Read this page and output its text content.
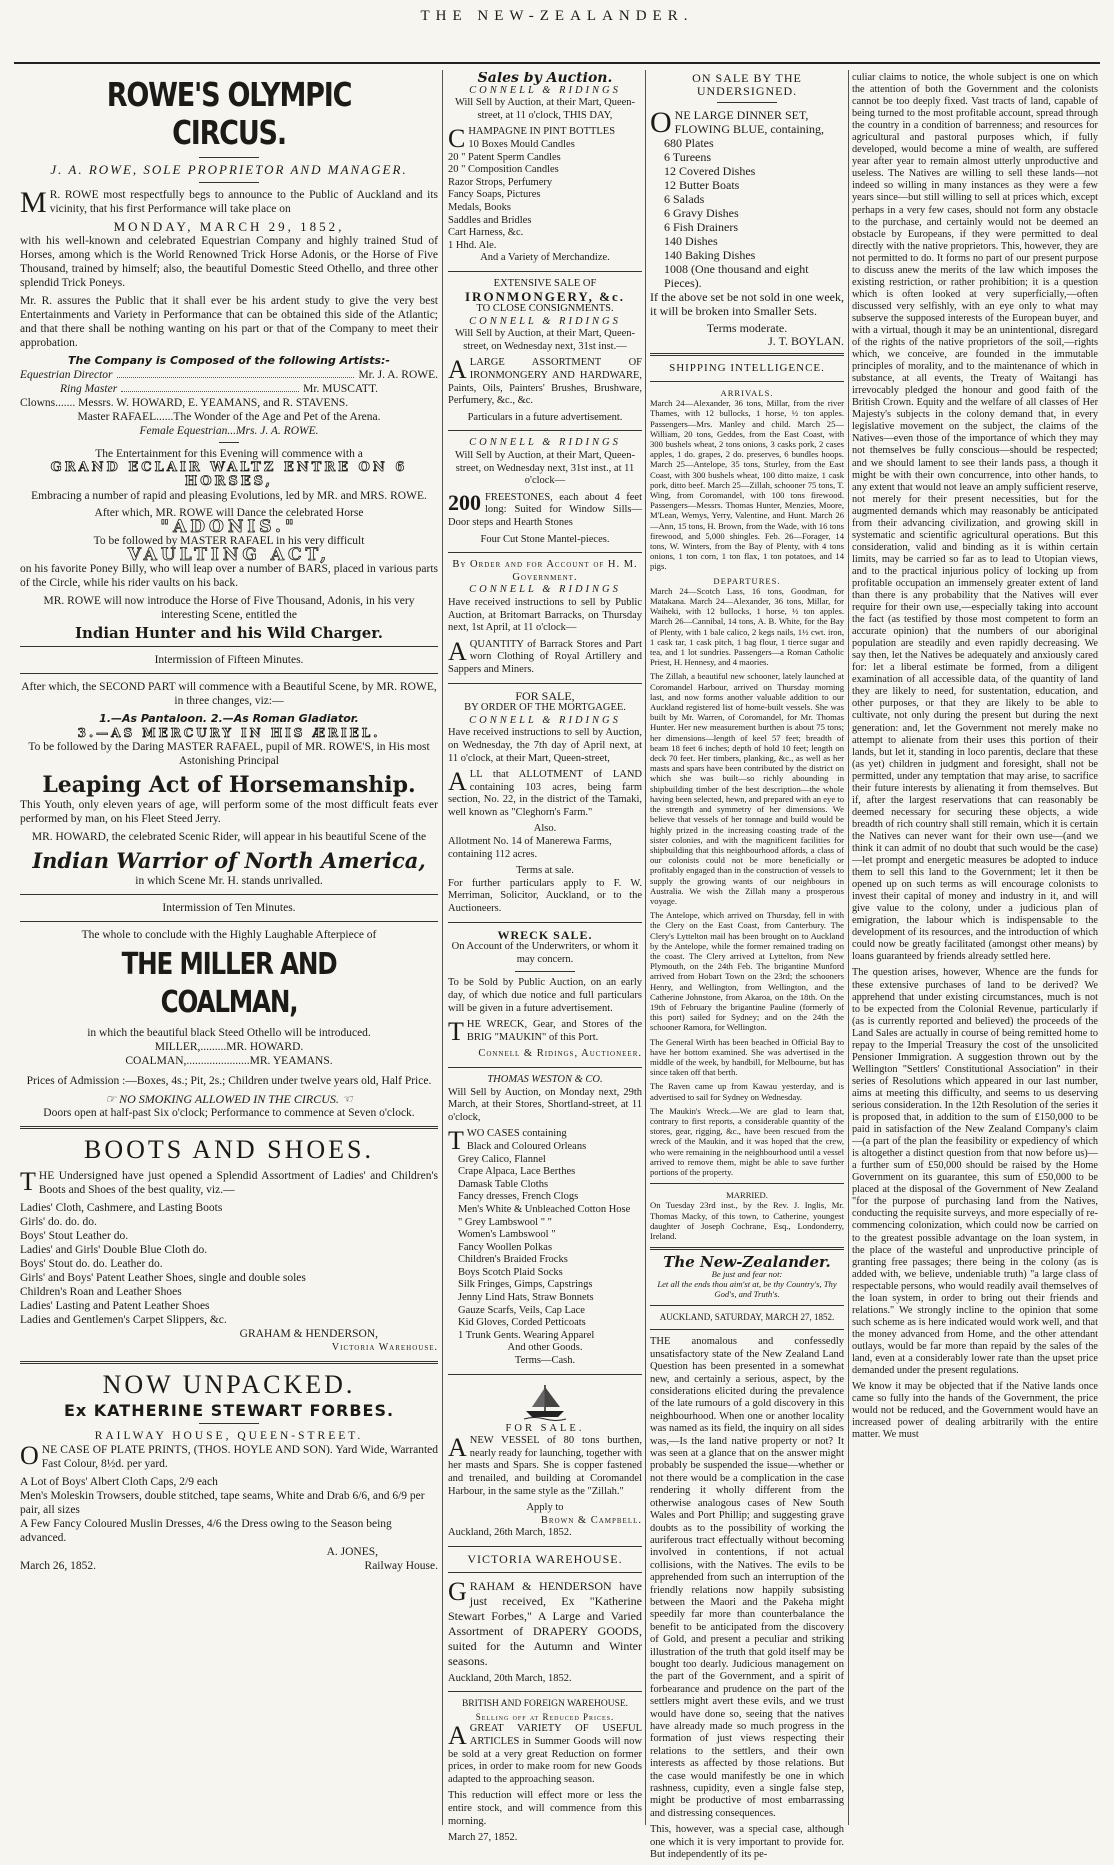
THE NEW-ZEALANDER.
ROWE'S OLYMPIC CIRCUS.
J. A. ROWE, SOLE PROPRIETOR AND MANAGER.

M R. ROWE most respectfully begs to announce to the Public of Auckland and its vicinity, that his first Performance will take place on

MONDAY, MARCH 29, 1852,

with his well-known and celebrated Equestrian Company and highly trained Stud of Horses, among which is the World Renowned Trick Horse Adonis, or the Horse of Five Thousand, trained by himself; also, the beautiful Domestic Steed Othello, and three other splendid Trick Poneys.

Mr. R. assures the Public that it shall ever be his ardent study to give the very best Entertainments and Variety in Performance that can be obtained this side of the Atlantic; and that there shall be nothing wanting on his part or that of the Company to meet their approbation.

The Company is Composed of the following Artists:-
Equestrian Director	Mr. J. A. ROWE.
Ring Master	Mr. MUSCATT.
Clowns....... Messrs. W. HOWARD, E. YEAMANS, and R. STAVENS.
Master RAFAEL......The Wonder of the Age and Pet of the Arena.
Female Equestrian...Mrs. J. A. ROWE.
The Entertainment for this Evening will commence with a
GRAND ECLAIR WALTZ ENTRE ON 6 HORSES,
Embracing a number of rapid and pleasing Evolutions, led by MR. and MRS. ROWE.
After which, MR. ROWE will Dance the celebrated Horse
"ADONIS."
To be followed by MASTER RAFAEL in his very difficult
VAULTING ACT,

on his favorite Poney Billy, who will leap over a number of BARS, placed in various parts of the Circle, while his rider vaults on his back.

MR. ROWE will now introduce the Horse of Five Thousand, Adonis, in his very interesting Scene, entitled the

Indian Hunter and his Wild Charger.
Intermission of Fifteen Minutes.

After which, the SECOND PART will commence with a Beautiful Scene, by MR. ROWE, in three changes, viz:—

1.—As Pantaloon. 2.—As Roman Gladiator.
3.—AS MERCURY IN HIS ÆRIEL.

To be followed by the Daring MASTER RAFAEL, pupil of MR. ROWE'S, in His most Astonishing Principal

Leaping Act of Horsemanship.

This Youth, only eleven years of age, will perform some of the most difficult feats ever performed by man, on his Fleet Steed Jerry.

MR. HOWARD, the celebrated Scenic Rider, will appear in his beautiful Scene of the

Indian Warrior of North America,
in which Scene Mr. H. stands unrivalled.
Intermission of Ten Minutes.
The whole to conclude with the Highly Laughable Afterpiece of
THE MILLER AND COALMAN,
in which the beautiful black Steed Othello will be introduced.
MILLER,.........MR. HOWARD.
COALMAN,......................MR. YEAMANS.

Prices of Admission :—Boxes, 4s.; Pit, 2s.; Children under twelve years old, Half Price.

☞ NO SMOKING ALLOWED IN THE CIRCUS. ☜

Doors open at half-past Six o'clock; Performance to commence at Seven o'clock.

BOOTS AND SHOES.

THE Undersigned have just opened a Splendid Assortment of Ladies' and Children's Boots and Shoes of the best quality, viz.—

Ladies' Cloth, Cashmere, and Lasting Boots
Girls' do. do. do.
Boys' Stout Leather do.
Ladies' and Girls' Double Blue Cloth do.
Boys' Stout do. do. Leather do.
Girls' and Boys' Patent Leather Shoes, single and double soles
Children's Roan and Leather Shoes
Ladies' Lasting and Patent Leather Shoes
Ladies and Gentlemen's Carpet Slippers, &c.
GRAHAM & HENDERSON,
Victoria Warehouse.
NOW UNPACKED.
Ex KATHERINE STEWART FORBES.
RAILWAY HOUSE, QUEEN-STREET.

ONE CASE OF PLATE PRINTS, (THOS. HOYLE AND SON). Yard Wide, Warranted Fast Colour, 8½d. per yard.

A Lot of Boys' Albert Cloth Caps, 2/9 each
Men's Moleskin Trowsers, double stitched, tape seams, White and Drab 6/6, and 6/9 per pair, all sizes
A Few Fancy Coloured Muslin Dresses, 4/6 the Dress owing to the Season being advanced.
A. JONES,
March 26, 1852.	Railway House.
Sales by Auction.
CONNELL & RIDINGS

Will Sell by Auction, at their Mart, Queen-street, at 11 o'clock, THIS DAY,

CHAMPAGNE IN PINT BOTTLES
10 Boxes Mould Candles
20 " Patent Sperm Candles
20 " Composition Candles
Razor Strops, Perfumery
Fancy Soaps, Pictures
Medals, Books
Saddles and Bridles
Cart Harness, &c.
1 Hhd. Ale.
And a Variety of Merchandize.
EXTENSIVE SALE OF
IRONMONGERY, &c.
TO CLOSE CONSIGNMENTS.
CONNELL & RIDINGS

Will Sell by Auction, at their Mart, Queen-street, on Wednesday next, 31st inst.—

ALARGE ASSORTMENT OF IRONMONGERY AND HARDWARE, Paints, Oils, Painters' Brushes, Brushware, Perfumery, &c., &c.

Particulars in a future advertisement.
CONNELL & RIDINGS

Will Sell by Auction, at their Mart, Queen-street, on Wednesday next, 31st inst., at 11 o'clock—

200 FREESTONES, each about 4 feet long: Suited for Window Sills—Door steps and Hearth Stones

Four Cut Stone Mantel-pieces.
By Order and for Account of H. M. Government.
CONNELL & RIDINGS

Have received instructions to sell by Public Auction, at Britomart Barracks, on Thursday next, 1st April, at 11 o'clock—

AQUANTITY of Barrack Stores and Part worn Clothing of Royal Artillery and Sappers and Miners.

FOR SALE,
BY ORDER OF THE MORTGAGEE.
CONNELL & RIDINGS

Have received instructions to sell by Auction, on Wednesday, the 7th day of April next, at 11 o'clock, at their Mart, Queen-street,

ALL that ALLOTMENT of LAND containing 103 acres, being farm section, No. 22, in the district of the Tamaki, well known as "Cleghorn's Farm."

Also.

Allotment No. 14 of Manerewa Farms, containing 112 acres.

Terms at sale.

For further particulars apply to F. W. Merriman, Solicitor, Auckland, or to the Auctioneers.

WRECK SALE.
On Account of the Underwriters, or whom it may concern.

To be Sold by Public Auction, on an early day, of which due notice and full particulars will be given in a future advertisement.

THE WRECK, Gear, and Stores of the BRIG "MAUKIN" of this Port.

Connell & Ridings, Auctioneer.
THOMAS WESTON & CO.

Will Sell by Auction, on Monday next, 29th March, at their Stores, Shortland-street, at 11 o'clock,

TWO CASES containing
Black and Coloured Orleans
Grey Calico, Flannel
Crape Alpaca, Lace Berthes
Damask Table Cloths
Fancy dresses, French Clogs
Men's White & Unbleached Cotton Hose
" Grey Lambswool " "
Women's Lambswool "
Fancy Woollen Polkas
Children's Braided Frocks
Boys Scotch Plaid Socks
Silk Fringes, Gimps, Capstrings
Jenny Lind Hats, Straw Bonnets
Gauze Scarfs, Veils, Cap Lace
Kid Gloves, Corded Petticoats
1 Trunk Gents. Wearing Apparel
And other Goods.
Terms—Cash.
FOR SALE.

ANEW VESSEL of 80 tons burthen, nearly ready for launching, together with her masts and Spars. She is copper fastened and trenailed, and building at Coromandel Harbour, in the same style as the "Zillah."

Apply to
Brown & Campbell.
Auckland, 26th March, 1852.
VICTORIA WAREHOUSE.

GRAHAM & HENDERSON have just received, Ex "Katherine Stewart Forbes," A Large and Varied Assortment of DRAPERY GOODS, suited for the Autumn and Winter seasons.

Auckland, 20th March, 1852.
BRITISH AND FOREIGN WAREHOUSE.
Selling off at Reduced Prices.

AGREAT VARIETY OF USEFUL ARTICLES in Summer Goods will now be sold at a very great Reduction on former prices, in order to make room for new Goods adapted to the approaching season.

This reduction will effect more or less the entire stock, and will commence from this morning.

March 27, 1852.
ON SALE BY THE UNDERSIGNED.
ONE LARGE DINNER SET, FLOWING BLUE, containing,
680 Plates
6 Tureens
12 Covered Dishes
12 Butter Boats
6 Salads
6 Gravy Dishes
6 Fish Drainers
140 Dishes
140 Baking Dishes
1008 (One thousand and eight Pieces).

If the above set be not sold in one week, it will be broken into Smaller Sets.

Terms moderate.
J. T. BOYLAN.
SHIPPING INTELLIGENCE.
ARRIVALS.

March 24—Alexander, 36 tons, Millar, from the river Thames, with 12 bullocks, 1 horse, ½ ton apples. Passengers—Mrs. Manley and child. March 25—William, 20 tons, Geddes, from the East Coast, with 300 bushels wheat, 2 tons onions, 3 casks pork, 2 cases apples, 1 do. grapes, 2 do. preserves, 6 bundles hoops. March 25—Antelope, 35 tons, Sturley, from the East Coast, with 300 bushels wheat, 100 ditto maize, 1 cask pork, ditto beef. March 25—Zillah, schooner 75 tons, T. Wing, from Coromandel, with 100 tons firewood. Passengers—Messrs. Thomas Hunter, Menzies, Moore, M'Lean, Wemys, Yerry, Valentine, and Hunt. March 26—Ann, 15 tons, H. Brown, from the Wade, with 16 tons firewood, and 5,000 shingles. Feb. 26—Forager, 14 tons, W. Winters, from the Bay of Plenty, with 4 tons onions, 1 ton corn, 1 ton flax, 1 ton potatoes, and 14 pigs.

DEPARTURES.

March 24—Scotch Lass, 16 tons, Goodman, for Matakana. March 24—Alexander, 36 tons, Millar, for Waiheki, with 12 bullocks, 1 horse, ½ ton apples. March 26—Cannibal, 14 tons, A. B. White, for the Bay of Plenty, with 1 bale calico, 2 kegs nails, 1½ cwt. iron, 1 cask tar, 1 cask pitch, 1 bag flour, 1 tierce sugar and tea, and 1 lot sundries. Passengers—a Roman Catholic Priest, H. Hennesy, and 4 maories.

The Zillah, a beautiful new schooner, lately launched at Coromandel Harbour, arrived on Thursday morning last, and now forms another valuable addition to our Auckland registered list of home-built vessels. She was built by Mr. Warren, of Coromandel, for Mr. Thomas Hunter. Her new measurement burthen is about 75 tons; her dimensions—length of keel 57 feet; breadth of beam 18 feet 6 inches; depth of hold 10 feet; length on deck 70 feet. Her timbers, planking, &c., as well as her masts and spars have been contributed by the district on which she was built—so richly abounding in shipbuilding timber of the best description—the whole having been selected, hewn, and prepared with an eye to the strength and symmetry of her dimensions. We believe that vessels of her tonnage and build would be highly prized in the increasing coasting trade of the sister colonies, and with the magnificent facilities for shipbuilding that this neighbourhood affords, a class of our colonists could not be more beneficially or profitably engaged than in the construction of vessels to supply the growing wants of our neighbours in Australia. We wish the Zillah many a prosperous voyage.

The Antelope, which arrived on Thursday, fell in with the Clery on the East Coast, from Canterbury. The Clery's Lyttelton mail has been brought on to Auckland by the Antelope, while the former remained trading on the coast. The Clery arrived at Lyttelton, from New Plymouth, on the 24th Feb. The brigantine Munford arrived from Hobart Town on the 23rd; the schooners Henry, and Wellington, from Wellington, and the Catherine Johnstone, from Akaroa, on the 18th. On the 19th of February the brigantine Pauline (formerly of this port) sailed for Sydney; and on the 24th the schooner Ramora, for Wellington.

The General Wirth has been beached in Official Bay to have her bottom examined. She was advertised in the middle of the week, by handbill, for Melbourne, but has since taken off that berth.

The Raven came up from Kawau yesterday, and is advertised to sail for Sydney on Wednesday.

The Maukin's Wreck.—We are glad to learn that, contrary to first reports, a considerable quantity of the stores, gear, rigging, &c., have been rescued from the wreck of the Maukin, and it was hoped that the crew, who were remaining in the neighbourhood until a vessel arrived to remove them, might be able to save further portions of the property.

MARRIED.

On Tuesday 23rd inst., by the Rev. J. Inglis, Mr. Thomas Macky, of this town, to Catherine, youngest daughter of Joseph Cochrane, Esq., Londonderry, Ireland.

The New-Zealander.
Be just and fear not:
Let all the ends thou aim'st at, be thy Country's, Thy God's, and Truth's.
AUCKLAND, SATURDAY, MARCH 27, 1852.

THE anomalous and confessedly unsatisfactory state of the New Zealand Land Question has been presented in a somewhat new, and certainly a serious, aspect, by the considerations elicited during the prevalence of the late rumours of a gold discovery in this neighbourhood. When one or another locality was named as its field, the inquiry on all sides was,—Is the land native property or not? It was seen at a glance that on the answer might probably be suspended the issue—whether or not there would be a complication in the case rendering it wholly different from the otherwise analogous cases of New South Wales and Port Phillip; and suggesting grave doubts as to the possibility of working the auriferous tract effectually without becoming involved in contentions, if not actual collisions, with the Natives. The evils to be apprehended from such an interruption of the friendly relations now happily subsisting between the Maori and the Pakeha might speedily far more than counterbalance the benefit to be anticipated from the discovery of Gold, and present a peculiar and striking illustration of the truth that gold itself may be bought too dearly. Judicious management on the part of the Government, and a spirit of forbearance and prudence on the part of the settlers might avert these evils, and we trust would have done so, seeing that the natives have already made so much progress in the formation of just views respecting their relations to the settlers, and their own interests as affected by those relations. But the case would manifestly be one in which rashness, cupidity, even a single false step, might be productive of most embarrassing and distressing consequences.

This, however, was a special case, although one which it is very important to provide for. But independently of its pe-

culiar claims to notice, the whole subject is one on which the attention of both the Government and the colonists cannot be too deeply fixed. Vast tracts of land, capable of being turned to the most profitable account, spread through the country in a condition of barrenness; and resources for agricultural and pastoral purposes which, if fully developed, would become a mine of wealth, are suffered year after year to remain almost utterly unproductive and useless. The Natives are willing to sell these lands—not indeed so willing in many instances as they were a few years since—but still willing to sell at prices which, except perhaps in a very few cases, should not form any obstacle to the purchase, and certainly would not be deemed an obstacle by Europeans, if they were permitted to deal directly with the native proprietors. This, however, they are not permitted to do. It forms no part of our present purpose to discuss anew the merits of the law which imposes the existing restriction, or rather prohibition; it is a question which is often looked at very superficially,—often discussed very selfishly, with an eye only to what may subserve the supposed interests of the European buyer, and with a virtual, though it may be an unintentional, disregard of the rights of the native proprietors of the soil,—rights which, we conceive, are founded in the immutable principles of morality, and to the maintenance of which in substance, at all events, the Treaty of Waitangi has irrevocably pledged the honour and good faith of the British Crown. Equity and the welfare of all classes of Her Majesty's subjects in the colony demand that, in every legislative movement on the subject, the claims of the Natives—even those of the importance of which they may not themselves be fully conscious—should be respected; and we should lament to see their lands pass, a though it might be with their own concurrence, into other hands, to any extent that would not leave an amply sufficient reserve, not merely for their present necessities, but for the augmented demands which may reasonably be anticipated from their advancing civilization, and growing skill in systematic and scientific agricultural operations. But this consideration, valid and binding as it is within certain limits, may be carried so far as to lead to Utopian views, and to the practical injurious policy of locking up from profitable occupation an immensely greater extent of land than there is any probability that the Natives will ever require for their own use,—especially taking into account the fact (as testified by those most competent to form an accurate opinion) that the numbers of our aboriginal population are steadily and even rapidly decreasing. We say then, let the Natives be adequately and anxiously cared for: let a liberal estimate be formed, from a diligent examination of all accessible data, of the quantity of land they are likely to need, for sustentation, education, and other purposes, or that they are likely to be able to cultivate, not only during the present but during the next generation: and, let the Government not merely make no attempt to alienate from their uses this portion of their lands, but let it, standing in loco parentis, declare that these (as yet) children in judgment and foresight, shall not be permitted, under any temptation that may arise, to sacrifice their future interests by alienating it from themselves. But if, after the largest reservations that can reasonably be deemed necessary for securing these objects, a wide breadth of rich country shall still remain, which it is certain the Natives can never want for their own use—(and we think it can admit of no doubt that such would be the case)—let prompt and energetic measures be adopted to induce them to sell this land to the Government; let it then be opened up on such terms as will encourage colonists to invest their capital of money and industry in it, and will give value to the colony, under a judicious plan of emigration, the labour which is indispensable to the development of its resources, and the introduction of which could now be greatly facilitated (amongst other means) by loans guaranteed by friends already settled here.

The question arises, however, Whence are the funds for these extensive purchases of land to be derived? We apprehend that under existing circumstances, much is not to be expected from the Colonial Revenue, particularly if (as is currently reported and believed) the proceeds of the Land Sales are actually in course of being remitted home to repay to the Imperial Treasury the cost of the unsolicited Pensioner Immigration. A suggestion thrown out by the Wellington "Settlers' Constitutional Association" in their series of Resolutions which appeared in our last number, aims at meeting this difficulty, and seems to us deserving serious consideration. In the 12th Resolution of the series it is proposed that, in addition to the sum of £150,000 to be paid in satisfaction of the New Zealand Company's claim—(a part of the plan the feasibility or expediency of which is altogether a distinct question from that now before us)—a further sum of £50,000 should be raised by the Home Government on its guarantee, this sum of £50,000 to be placed at the disposal of the Government of New Zealand "for the purpose of purchasing land from the Natives, conducting the requisite surveys, and more especially of re-commencing colonization, which could now be carried on to the greatest possible advantage on the loan system, in the place of the wasteful and unproductive principle of granting free passages; there being in the colony (as is added with, we believe, undeniable truth) "a large class of respectable persons, who would readily avail themselves of the loan system, in order to bring out their friends and relations." We strongly incline to the opinion that some such scheme as is here indicated would work well, and that the money advanced from Home, and the other attendant outlays, would be far more than repaid by the sales of the land, even at a considerably lower rate than the upset price demanded under the present regulations.

We know it may be objected that if the Native lands once came so fully into the hands of the Government, the price would not be reduced, and the Government would have an increased power of dealing arbitrarily with the entire matter. We must
